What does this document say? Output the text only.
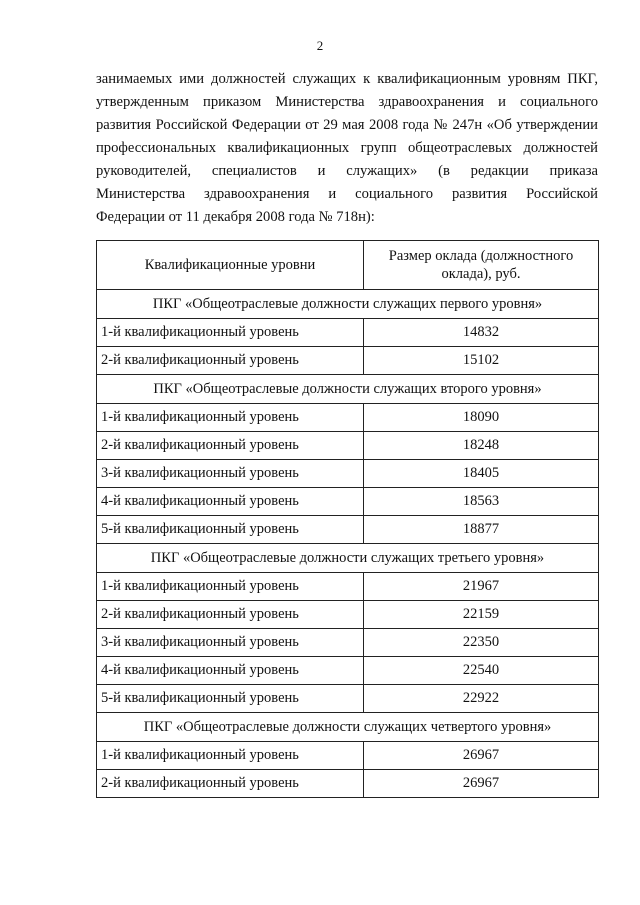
2

занимаемых ими должностей служащих к квалификационным уровням ПКГ,
утвержденным приказом Министерства здравоохранения и социального
развития Российской Федерации от 29 мая 2008 года № 247н «Об утверждении
профессиональных квалификационных групп общеотраслевых должностей
руководителей, специалистов и служащих» (в редакции приказа
Министерства здравоохранения и социального развития Российской
Федерации от 11 декабря 2008 года № 718н):

Квалификационные уровни	Размер оклада (должностного оклада), руб.
ПКГ «Общеотраслевые должности служащих первого уровня»	
1-й квалификационный уровень	14832
2-й квалификационный уровень	15102
ПКГ «Общеотраслевые должности служащих второго уровня»	
1-й квалификационный уровень	18090
2-й квалификационный уровень	18248
3-й квалификационный уровень	18405
4-й квалификационный уровень	18563
5-й квалификационный уровень	18877
ПКГ «Общеотраслевые должности служащих третьего уровня»	
1-й квалификационный уровень	21967
2-й квалификационный уровень	22159
3-й квалификационный уровень	22350
4-й квалификационный уровень	22540
5-й квалификационный уровень	22922
ПКГ «Общеотраслевые должности служащих четвертого уровня»	
1-й квалификационный уровень	26967
2-й квалификационный уровень	26967
